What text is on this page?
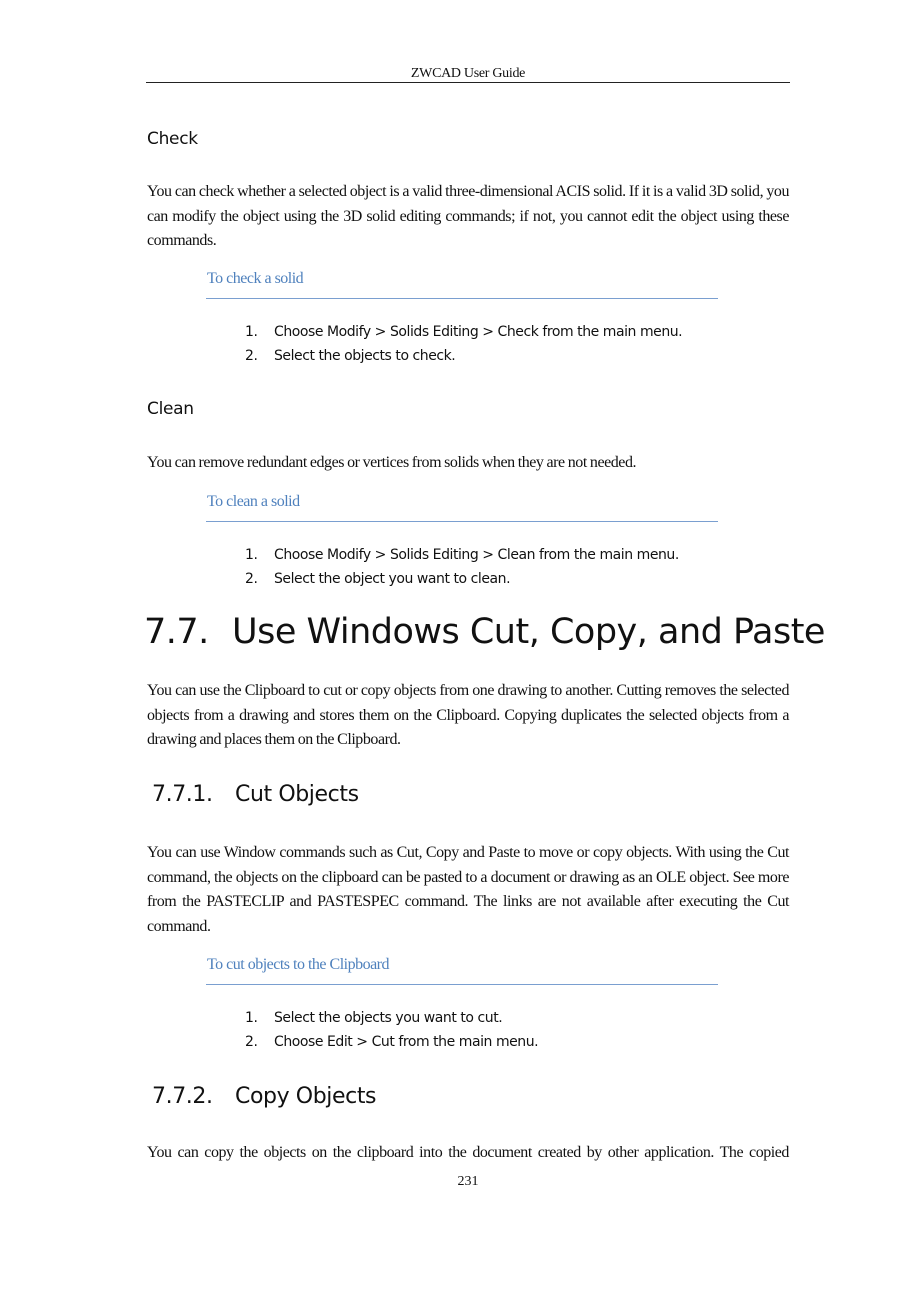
ZWCAD User Guide
Check
You can check whether a selected object is a valid three-dimensional ACIS solid. If it is a valid 3D solid, you can modify the object using the 3D solid editing commands; if not, you cannot edit the object using these commands.
To check a solid
1. Choose Modify > Solids Editing > Check from the main menu.
2. Select the objects to check.
Clean
You can remove redundant edges or vertices from solids when they are not needed.
To clean a solid
1. Choose Modify > Solids Editing > Clean from the main menu.
2. Select the object you want to clean.
7.7. Use Windows Cut, Copy, and Paste
You can use the Clipboard to cut or copy objects from one drawing to another. Cutting removes the selected objects from a drawing and stores them on the Clipboard. Copying duplicates the selected objects from a drawing and places them on the Clipboard.
7.7.1. Cut Objects
You can use Window commands such as Cut, Copy and Paste to move or copy objects. With using the Cut command, the objects on the clipboard can be pasted to a document or drawing as an OLE object. See more from the PASTECLIP and PASTESPEC command. The links are not available after executing the Cut command.
To cut objects to the Clipboard
1. Select the objects you want to cut.
2. Choose Edit > Cut from the main menu.
7.7.2. Copy Objects
You can copy the objects on the clipboard into the document created by other application. The copied
231
